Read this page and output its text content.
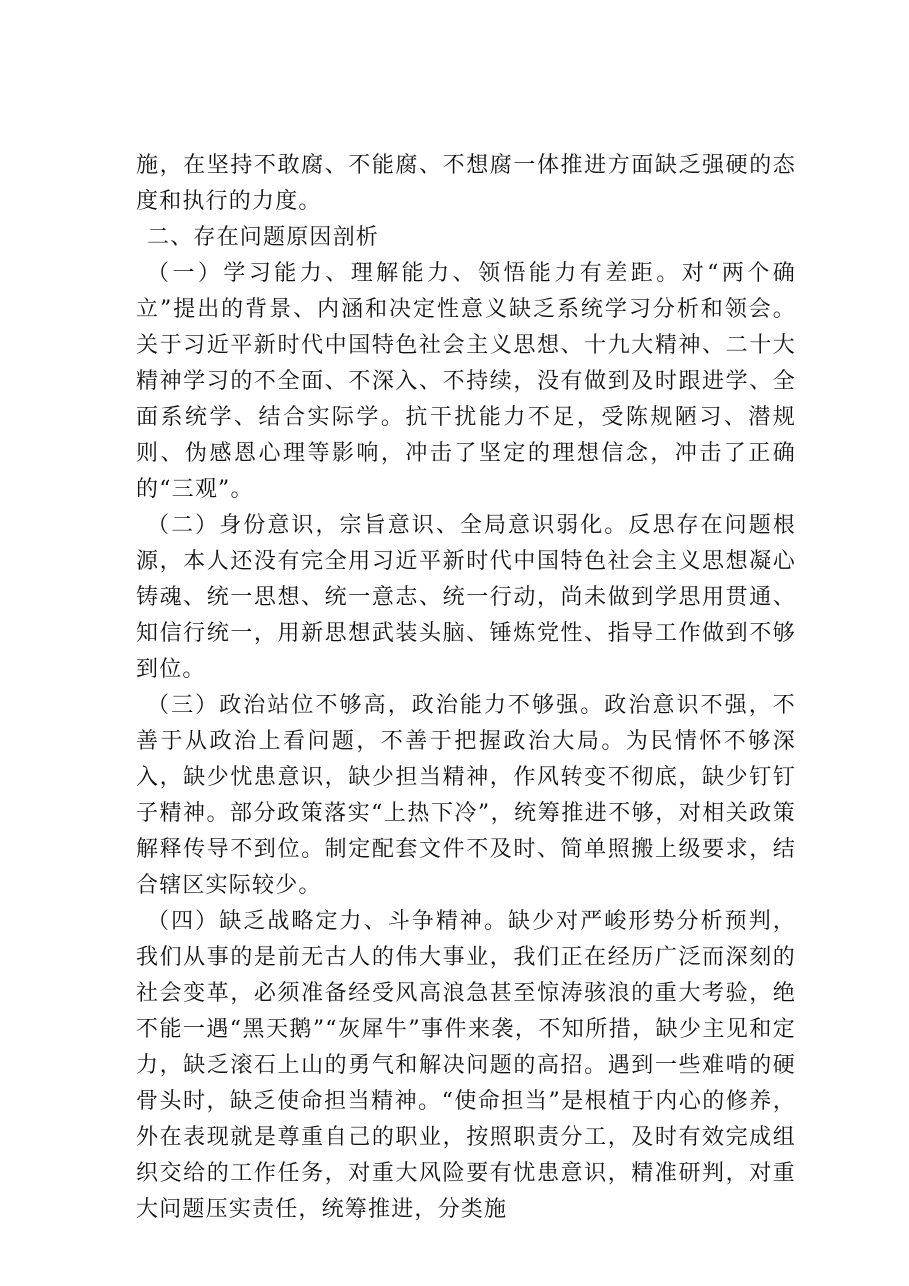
施，在坚持不敢腐、不能腐、不想腐一体推进方面缺乏强硬的态度和执行的力度。

二、存在问题原因剖析

（一）学习能力、理解能力、领悟能力有差距。对“两个确立”提出的背景、内涵和决定性意义缺乏系统学习分析和领会。关于习近平新时代中国特色社会主义思想、十九大精神、二十大精神学习的不全面、不深入、不持续，没有做到及时跟进学、全面系统学、结合实际学。抗干扰能力不足，受陈规陋习、潜规则、伪感恩心理等影响，冲击了坚定的理想信念，冲击了正确的“三观”。

（二）身份意识，宗旨意识、全局意识弱化。反思存在问题根源，本人还没有完全用习近平新时代中国特色社会主义思想凝心铸魂、统一思想、统一意志、统一行动，尚未做到学思用贯通、知信行统一，用新思想武装头脑、锤炼党性、指导工作做到不够到位。

（三）政治站位不够高，政治能力不够强。政治意识不强，不善于从政治上看问题，不善于把握政治大局。为民情怀不够深入，缺少忧患意识，缺少担当精神，作风转变不彻底，缺少钉钉子精神。部分政策落实“上热下冷”，统筹推进不够，对相关政策解释传导不到位。制定配套文件不及时、简单照搬上级要求，结合辖区实际较少。

（四）缺乏战略定力、斗争精神。缺少对严峻形势分析预判，我们从事的是前无古人的伟大事业，我们正在经历广泛而深刻的社会变革，必须准备经受风高浪急甚至惊涛骇浪的重大考验，绝不能一遇“黑天鹅”“灰犀牛”事件来袭，不知所措，缺少主见和定力，缺乏滚石上山的勇气和解决问题的高招。遇到一些难啃的硬骨头时，缺乏使命担当精神。“使命担当”是根植于内心的修养，外在表现就是尊重自己的职业，按照职责分工，及时有效完成组织交给的工作任务，对重大风险要有忧患意识，精准研判，对重大问题压实责任，统筹推进，分类施
